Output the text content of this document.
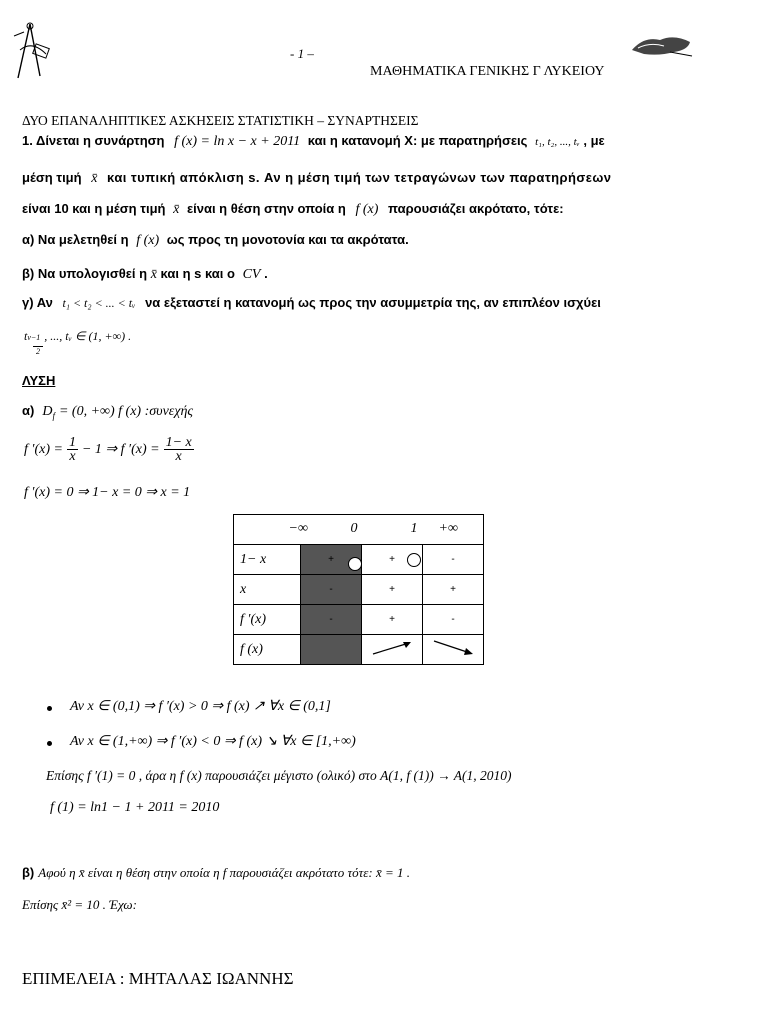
- 1 –
ΜΑΘΗΜΑΤΙΚΑ ΓΕΝΙΚΗΣ Γ ΛΥΚΕΙΟΥ
ΔΥΟ ΕΠΑΝΑΛΗΠΤΙΚΕΣ ΑΣΚΗΣΕΙΣ ΣΤΑΤΙΣΤΙΚΗ – ΣΥΝΑΡΤΗΣΕΙΣ
1. Δίνεται η συνάρτηση f (x) = ln x − x + 2011 και η κατανομή Χ: με παρατηρήσεις t₁, t₂, ..., tᵥ , με
μέση τιμή x̄ και τυπική απόκλιση s. Αν η μέση τιμή των τετραγώνων των παρατηρήσεων
είναι 10 και η μέση τιμή x̄ είναι η θέση στην οποία η f (x) παρουσιάζει ακρότατο, τότε:
α) Να μελετηθεί η f (x) ως προς τη μονοτονία και τα ακρότατα.
β) Να υπολογισθεί η x̄ και η s και ο CV .
γ) Αν t₁ < t₂ < ... < tᵥ να εξεταστεί η κατανομή ως προς την ασυμμετρία της, αν επιπλέον ισχύει
tν−1 , ..., tᵥ ∈ (1, +∞) .
2
ΛΥΣΗ
α) $D_f = (0$, +∞) f (x) :συνεχής
f $'(x) = \frac{1}{x} - 1$ ⇒ f $'(x) = \frac{1- x}{x}$
f ′(x) = 0 ⇒ 1− x = 0 ⇒ x = 1

	−∞ 0 1 +∞		

1− x	+	+	-
x	-	+	+
f ′(x)	-	+	-
f (x)			
Αν x ∈ (0,1) ⇒ f ′(x) > 0 ⇒ f (x) ↗ ∀x ∈ (0,1]
Αν x ∈ (1,+∞) ⇒ f ′(x) < 0 ⇒ f (x) ↘ ∀x ∈ [1,+∞)
Επίσης f ′(1) = 0 , άρα η f (x) παρουσιάζει μέγιστο (ολικό) στο A(1, f (1)) → A(1, 2010)
f (1) = ln1 − 1 + 2011 = 2010
β) Αφού η x̄ είναι η θέση στην οποία η f παρουσιάζει ακρότατο τότε: x̄ = 1 .
Επίσης x̄² = 10 . Έχω:
ΕΠΙΜΕΛΕΙΑ : ΜΗΤΑΛΑΣ ΙΩΑΝΝΗΣ
